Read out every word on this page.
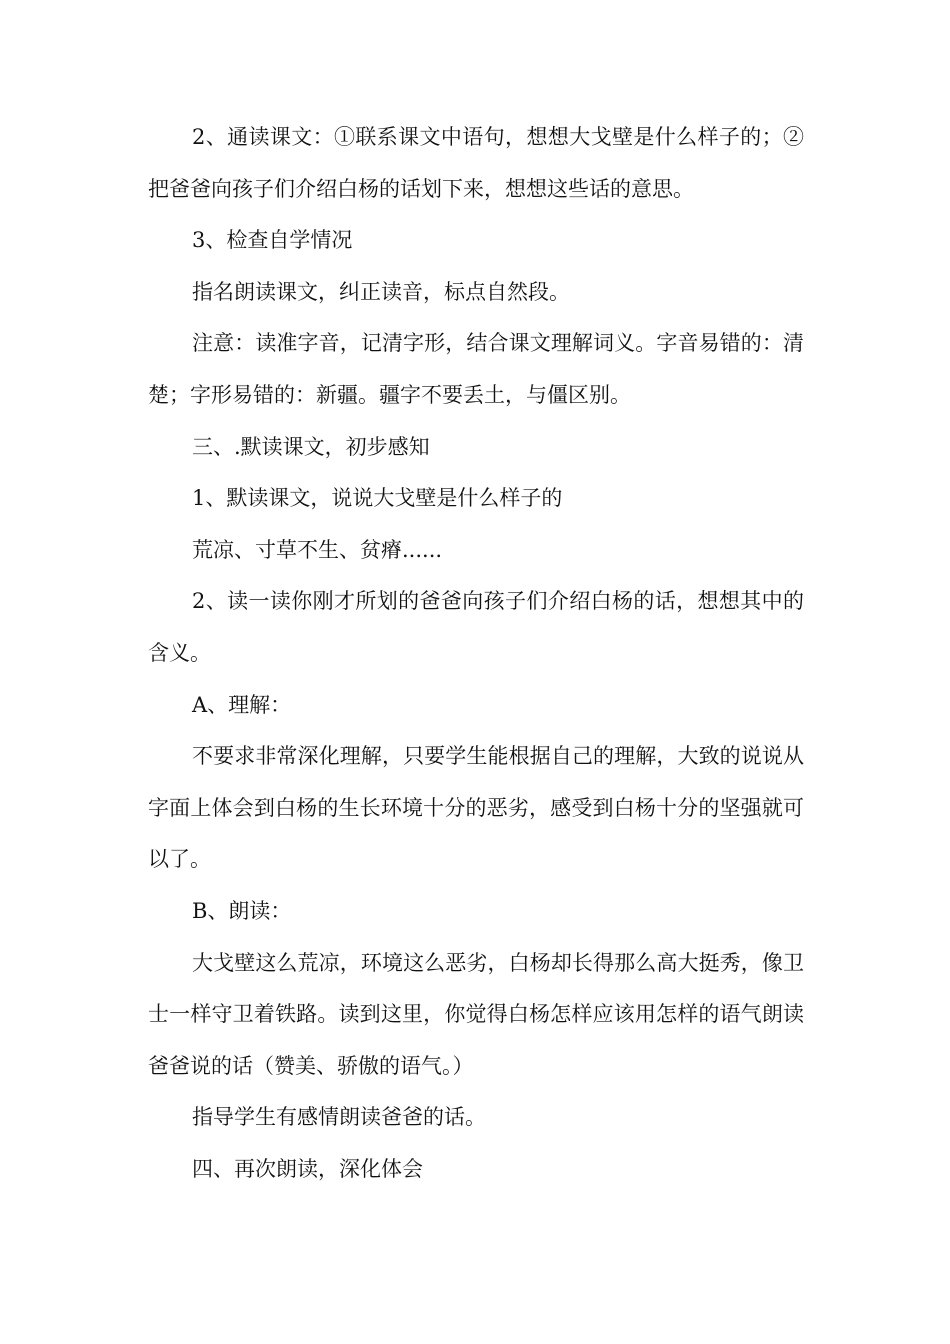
2、通读课文：①联系课文中语句，想想大戈壁是什么样子的；②把爸爸向孩子们介绍白杨的话划下来，想想这些话的意思。

3、检查自学情况

指名朗读课文，纠正读音，标点自然段。

注意：读准字音，记清字形，结合课文理解词义。字音易错的：清楚；字形易错的：新疆。疆字不要丢土，与僵区别。

三、.默读课文，初步感知

1、默读课文，说说大戈壁是什么样子的

荒凉、寸草不生、贫瘠......

2、读一读你刚才所划的爸爸向孩子们介绍白杨的话，想想其中的含义。

A、理解：

不要求非常深化理解，只要学生能根据自己的理解，大致的说说从字面上体会到白杨的生长环境十分的恶劣，感受到白杨十分的坚强就可以了。

B、朗读：

大戈壁这么荒凉，环境这么恶劣，白杨却长得那么高大挺秀，像卫士一样守卫着铁路。读到这里，你觉得白杨怎样应该用怎样的语气朗读爸爸说的话（赞美、骄傲的语气。）

指导学生有感情朗读爸爸的话。

四、再次朗读，深化体会
